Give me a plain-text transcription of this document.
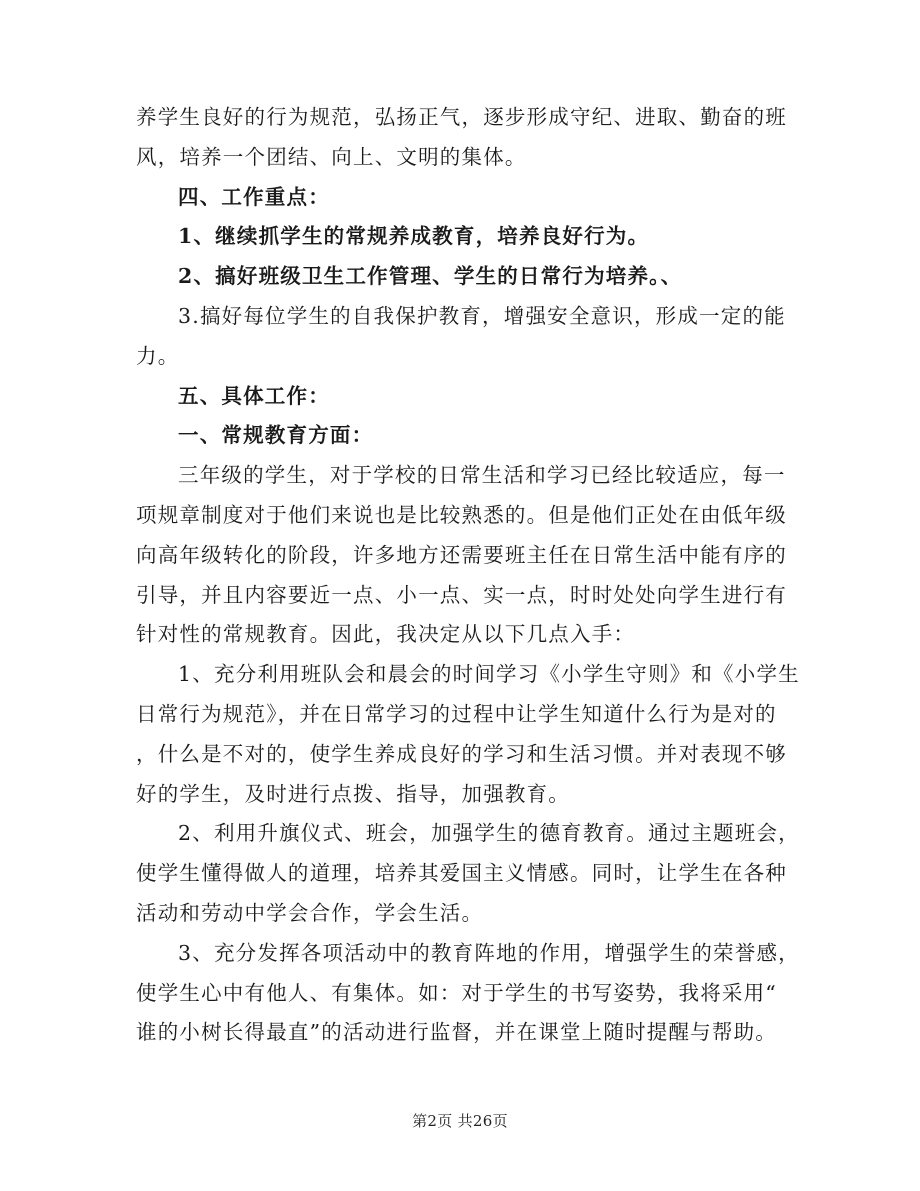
养学生良好的行为规范，弘扬正气，逐步形成守纪、进取、勤奋的班
风，培养一个团结、向上、文明的集体。
四、工作重点：
1、继续抓学生的常规养成教育，培养良好行为。
2、搞好班级卫生工作管理、学生的日常行为培养。、
3.搞好每位学生的自我保护教育，增强安全意识，形成一定的能
力。
五、具体工作：
一、常规教育方面：
三年级的学生，对于学校的日常生活和学习已经比较适应，每一
项规章制度对于他们来说也是比较熟悉的。但是他们正处在由低年级
向高年级转化的阶段，许多地方还需要班主任在日常生活中能有序的
引导，并且内容要近一点、小一点、实一点，时时处处向学生进行有
针对性的常规教育。因此，我决定从以下几点入手：
1、充分利用班队会和晨会的时间学习《小学生守则》和《小学生
日常行为规范》，并在日常学习的过程中让学生知道什么行为是对的
，什么是不对的，使学生养成良好的学习和生活习惯。并对表现不够
好的学生，及时进行点拨、指导，加强教育。
2、利用升旗仪式、班会，加强学生的德育教育。通过主题班会，
使学生懂得做人的道理，培养其爱国主义情感。同时，让学生在各种
活动和劳动中学会合作，学会生活。
3、充分发挥各项活动中的教育阵地的作用，增强学生的荣誉感，
使学生心中有他人、有集体。如：对于学生的书写姿势，我将采用“
谁的小树长得最直”的活动进行监督，并在课堂上随时提醒与帮助。
第2页 共26页
